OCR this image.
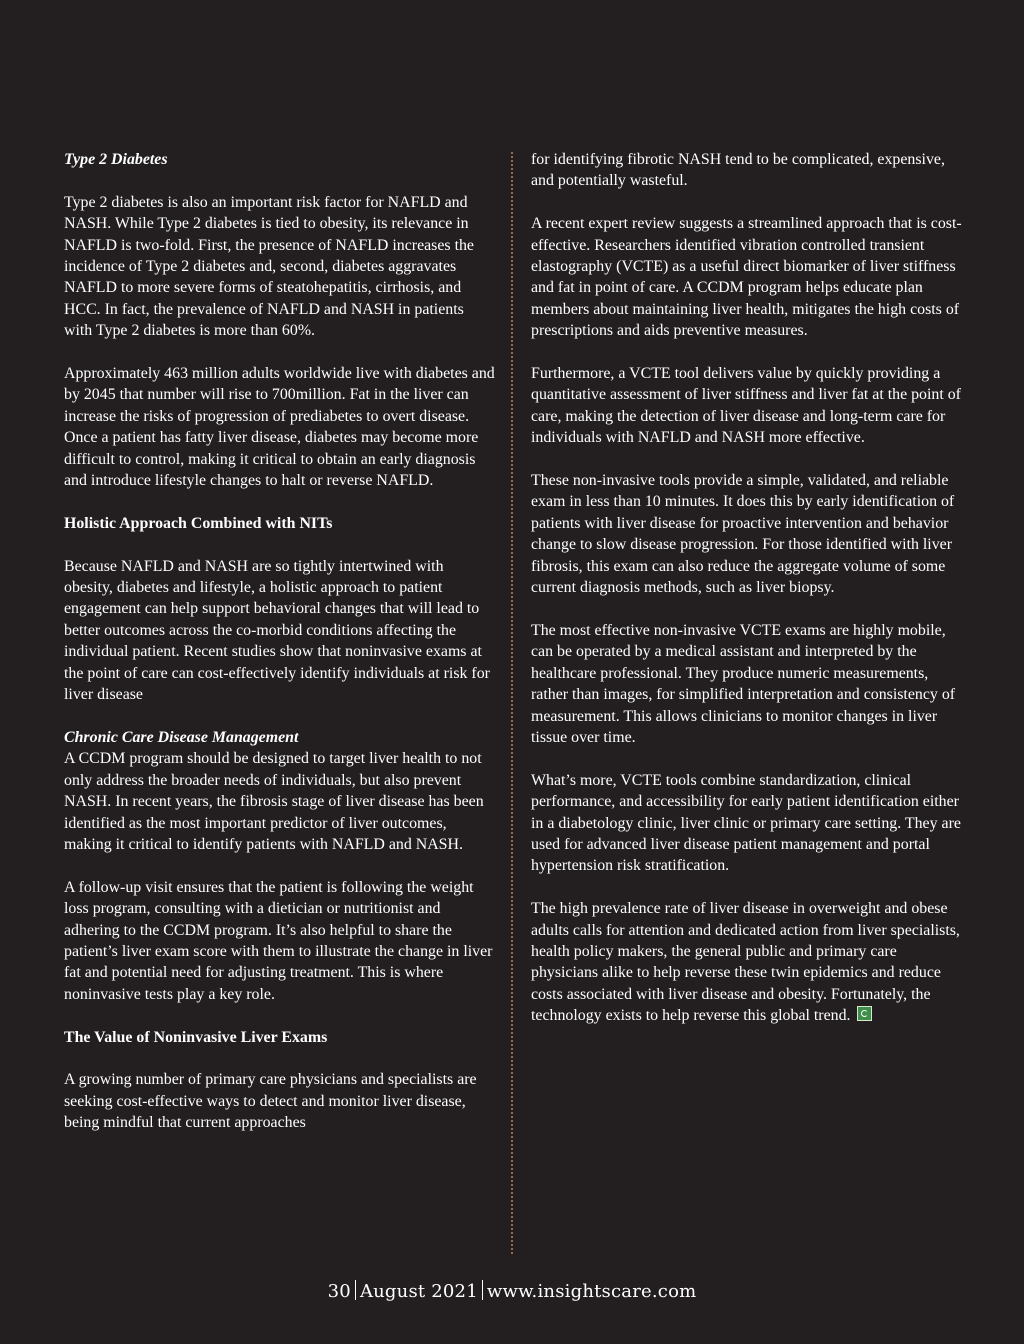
Type 2 Diabetes

Type 2 diabetes is also an important risk factor for NAFLD and NASH. While Type 2 diabetes is tied to obesity, its relevance in NAFLD is two-fold. First, the presence of NAFLD increases the incidence of Type 2 diabetes and, second, diabetes aggravates NAFLD to more severe forms of steatohepatitis, cirrhosis, and HCC. In fact, the prevalence of NAFLD and NASH in patients with Type 2 diabetes is more than 60%.

Approximately 463 million adults worldwide live with diabetes and by 2045 that number will rise to 700million. Fat in the liver can increase the risks of progression of prediabetes to overt disease. Once a patient has fatty liver disease, diabetes may become more difficult to control, making it critical to obtain an early diagnosis and introduce lifestyle changes to halt or reverse NAFLD.

Holistic Approach Combined with NITs

Because NAFLD and NASH are so tightly intertwined with obesity, diabetes and lifestyle, a holistic approach to patient engagement can help support behavioral changes that will lead to better outcomes across the co-morbid conditions affecting the individual patient. Recent studies show that noninvasive exams at the point of care can cost-effectively identify individuals at risk for liver disease

Chronic Care Disease Management

A CCDM program should be designed to target liver health to not only address the broader needs of individuals, but also prevent NASH. In recent years, the fibrosis stage of liver disease has been identified as the most important predictor of liver outcomes, making it critical to identify patients with NAFLD and NASH.

A follow-up visit ensures that the patient is following the weight loss program, consulting with a dietician or nutritionist and adhering to the CCDM program. It’s also helpful to share the patient’s liver exam score with them to illustrate the change in liver fat and potential need for adjusting treatment. This is where noninvasive tests play a key role.

The Value of Noninvasive Liver Exams

A growing number of primary care physicians and specialists are seeking cost-effective ways to detect and monitor liver disease, being mindful that current approaches

for identifying fibrotic NASH tend to be complicated, expensive, and potentially wasteful.

A recent expert review suggests a streamlined approach that is cost-effective. Researchers identified vibration controlled transient elastography (VCTE) as a useful direct biomarker of liver stiffness and fat in point of care. A CCDM program helps educate plan members about maintaining liver health, mitigates the high costs of prescriptions and aids preventive measures.

Furthermore, a VCTE tool delivers value by quickly providing a quantitative assessment of liver stiffness and liver fat at the point of care, making the detection of liver disease and long-term care for individuals with NAFLD and NASH more effective.

These non-invasive tools provide a simple, validated, and reliable exam in less than 10 minutes. It does this by early identification of patients with liver disease for proactive intervention and behavior change to slow disease progression. For those identified with liver fibrosis, this exam can also reduce the aggregate volume of some current diagnosis methods, such as liver biopsy.

The most effective non-invasive VCTE exams are highly mobile, can be operated by a medical assistant and interpreted by the healthcare professional. They produce numeric measurements, rather than images, for simplified interpretation and consistency of measurement. This allows clinicians to monitor changes in liver tissue over time.

What’s more, VCTE tools combine standardization, clinical performance, and accessibility for early patient identification either in a diabetology clinic, liver clinic or primary care setting. They are used for advanced liver disease patient management and portal hypertension risk stratification.

The high prevalence rate of liver disease in overweight and obese adults calls for attention and dedicated action from liver specialists, health policy makers, the general public and primary care physicians alike to help reverse these twin epidemics and reduce costs associated with liver disease and obesity. Fortunately, the technology exists to help reverse this global trend.

30 August 2021 www.insightscare.com
